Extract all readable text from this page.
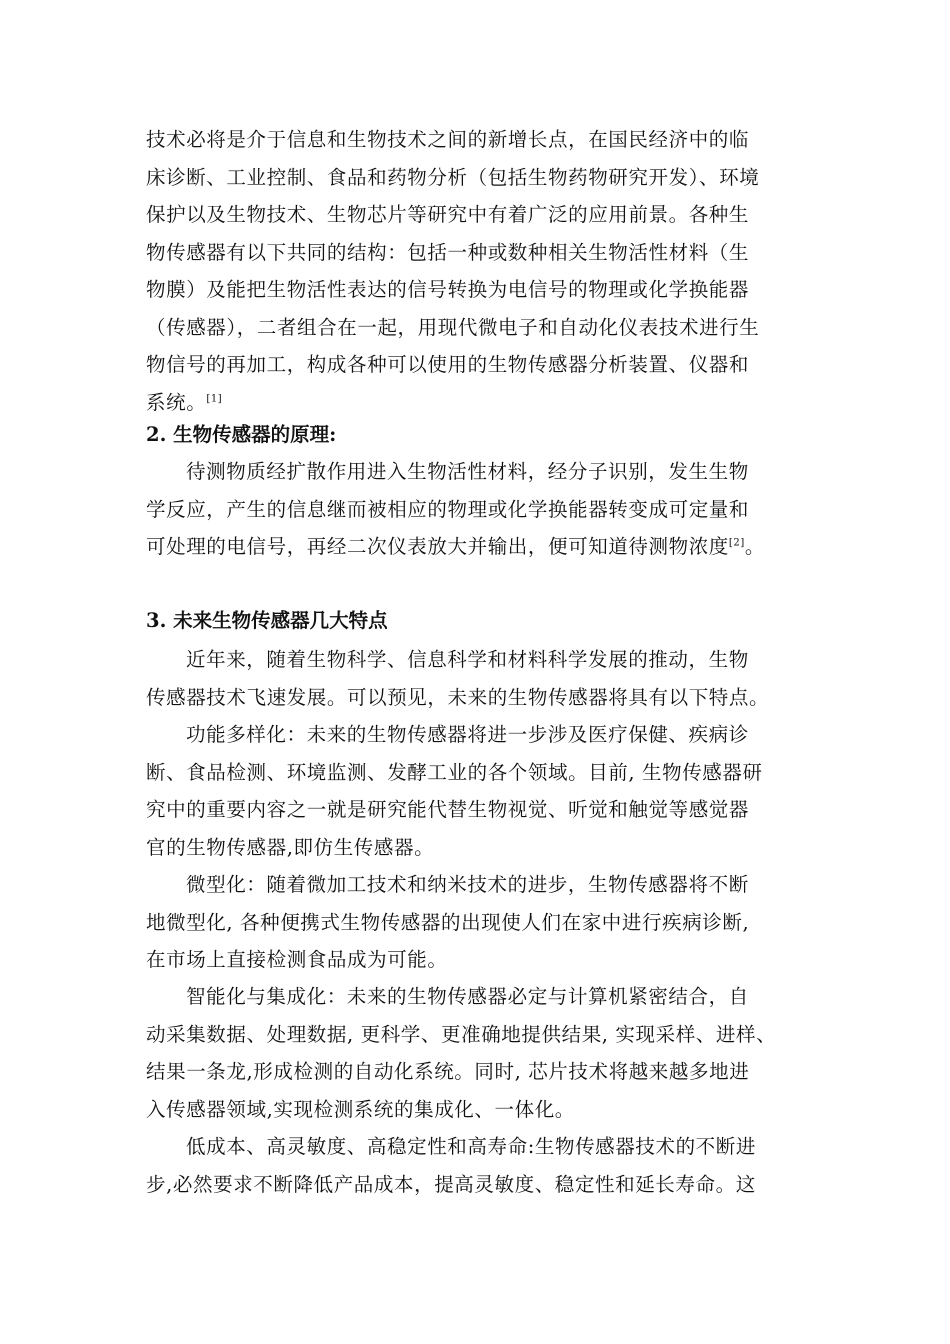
技术必将是介于信息和生物技术之间的新增长点，在国民经济中的临
床诊断、工业控制、食品和药物分析（包括生物药物研究开发）、环境
保护以及生物技术、生物芯片等研究中有着广泛的应用前景。各种生
物传感器有以下共同的结构：包括一种或数种相关生物活性材料（生
物膜）及能把生物活性表达的信号转换为电信号的物理或化学换能器
（传感器），二者组合在一起，用现代微电子和自动化仪表技术进行生
物信号的再加工，构成各种可以使用的生物传感器分析装置、仪器和
系统。[1]
2. 生物传感器的原理:
待测物质经扩散作用进入生物活性材料，经分子识别，发生生物
学反应，产生的信息继而被相应的物理或化学换能器转变成可定量和
可处理的电信号，再经二次仪表放大并输出，便可知道待测物浓度[2]。
3. 未来生物传感器几大特点
近年来，随着生物科学、信息科学和材料科学发展的推动，生物
传感器技术飞速发展。可以预见，未来的生物传感器将具有以下特点。
功能多样化：未来的生物传感器将进一步涉及医疗保健、疾病诊
断、食品检测、环境监测、发酵工业的各个领域。目前, 生物传感器研
究中的重要内容之一就是研究能代替生物视觉、听觉和触觉等感觉器
官的生物传感器,即仿生传感器。
微型化：随着微加工技术和纳米技术的进步，生物传感器将不断
地微型化, 各种便携式生物传感器的出现使人们在家中进行疾病诊断,
在市场上直接检测食品成为可能。
智能化与集成化：未来的生物传感器必定与计算机紧密结合，自
动采集数据、处理数据, 更科学、更准确地提供结果, 实现采样、进样、
结果一条龙,形成检测的自动化系统。同时, 芯片技术将越来越多地进
入传感器领域,实现检测系统的集成化、一体化。
低成本、高灵敏度、高稳定性和高寿命:生物传感器技术的不断进
步,必然要求不断降低产品成本，提高灵敏度、稳定性和延长寿命。这
